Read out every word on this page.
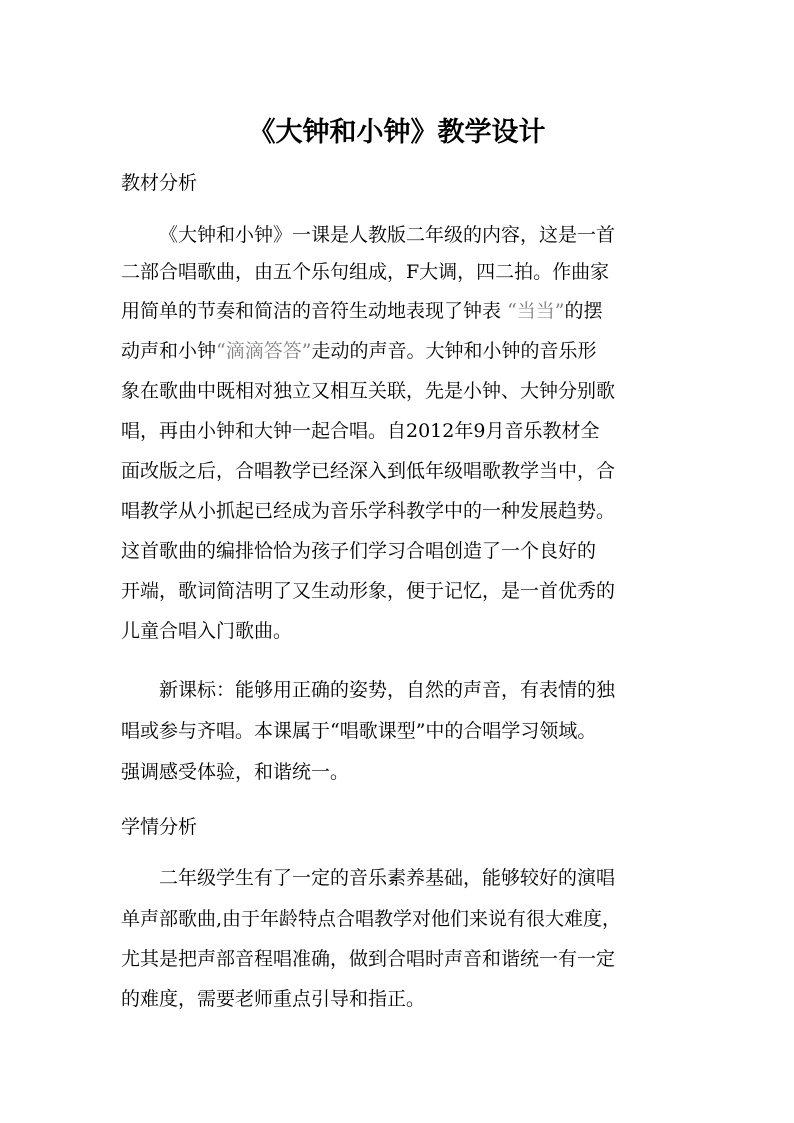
《大钟和小钟》教学设计
教材分析
《大钟和小钟》一课是人教版二年级的内容，这是一首
二部合唱歌曲，由五个乐句组成，F大调，四二拍。作曲家
用简单的节奏和简洁的音符生动地表现了钟表 “当当”的摆
动声和小钟“滴滴答答”走动的声音。大钟和小钟的音乐形
象在歌曲中既相对独立又相互关联，先是小钟、大钟分别歌
唱，再由小钟和大钟一起合唱。自2012年9月音乐教材全
面改版之后，合唱教学已经深入到低年级唱歌教学当中，合
唱教学从小抓起已经成为音乐学科教学中的一种发展趋势。
这首歌曲的编排恰恰为孩子们学习合唱创造了一个良好的
开端，歌词简洁明了又生动形象，便于记忆，是一首优秀的
儿童合唱入门歌曲。
新课标：能够用正确的姿势，自然的声音，有表情的独
唱或参与齐唱。本课属于“唱歌课型”中的合唱学习领域。
强调感受体验，和谐统一。
学情分析
二年级学生有了一定的音乐素养基础，能够较好的演唱
单声部歌曲,由于年龄特点合唱教学对他们来说有很大难度，
尤其是把声部音程唱准确，做到合唱时声音和谐统一有一定
的难度，需要老师重点引导和指正。
